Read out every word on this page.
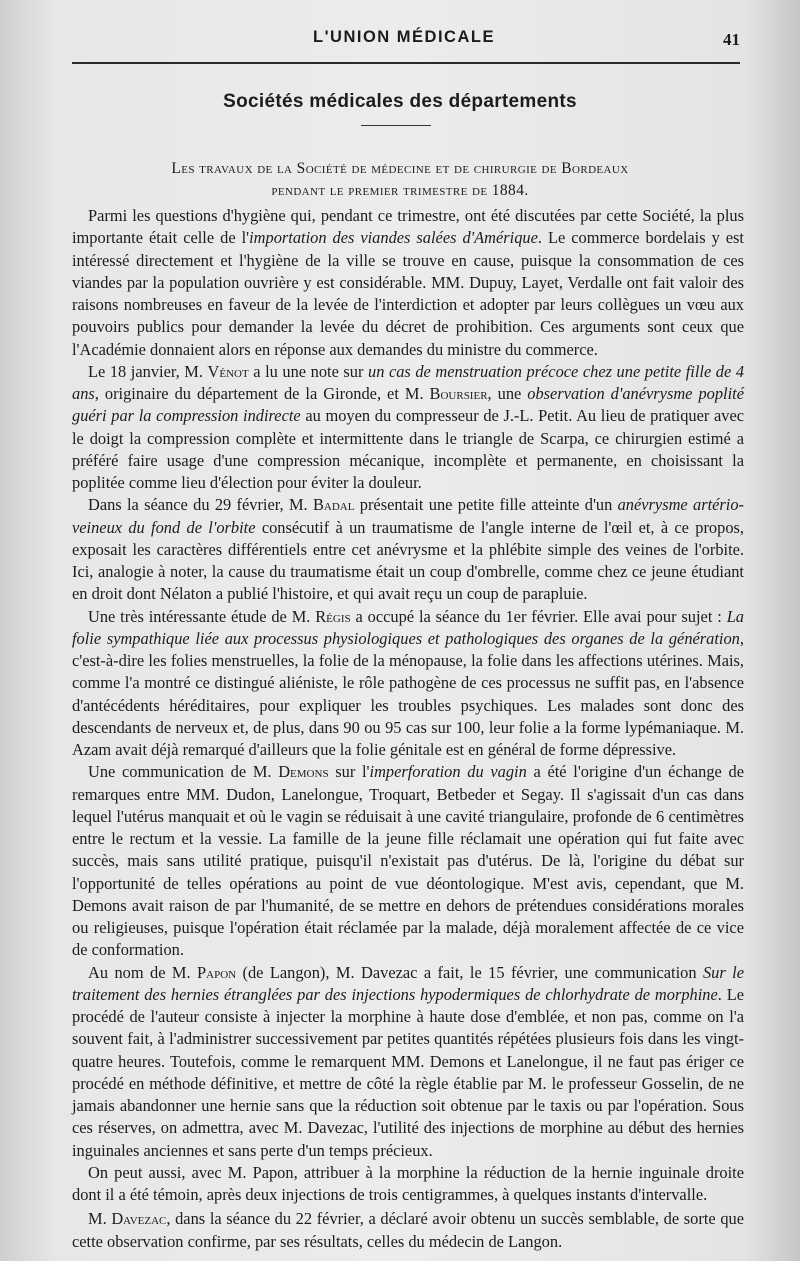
L'UNION MÉDICALE	41
Sociétés médicales des départements
Les travaux de la Société de médecine et de chirurgie de Bordeaux
pendant le premier trimestre de 1884.

Parmi les questions d'hygiène qui, pendant ce trimestre, ont été discutées par cette Société, la plus importante était celle de l'importation des viandes salées d'Amérique. Le commerce bordelais y est intéressé directement et l'hygiène de la ville se trouve en cause, puisque la consommation de ces viandes par la population ouvrière y est considérable. MM. Dupuy, Layet, Verdalle ont fait valoir des raisons nombreuses en faveur de la levée de l'interdiction et adopter par leurs collègues un vœu aux pouvoirs publics pour demander la levée du décret de prohibition. Ces arguments sont ceux que l'Académie donnaient alors en réponse aux demandes du ministre du commerce.

Le 18 janvier, M. Vénot a lu une note sur un cas de menstruation précoce chez une petite fille de 4 ans, originaire du département de la Gironde, et M. Boursier, une observation d'anévrysme poplité guéri par la compression indirecte au moyen du compresseur de J.-L. Petit. Au lieu de pratiquer avec le doigt la compression complète et intermittente dans le triangle de Scarpa, ce chirurgien estimé a préféré faire usage d'une compression mécanique, incomplète et permanente, en choisissant la poplitée comme lieu d'élection pour éviter la douleur.

Dans la séance du 29 février, M. Badal présentait une petite fille atteinte d'un anévrysme artério-veineux du fond de l'orbite consécutif à un traumatisme de l'angle interne de l'œil et, à ce propos, exposait les caractères différentiels entre cet anévrysme et la phlébite simple des veines de l'orbite. Ici, analogie à noter, la cause du traumatisme était un coup d'ombrelle, comme chez ce jeune étudiant en droit dont Nélaton a publié l'histoire, et qui avait reçu un coup de parapluie.

Une très intéressante étude de M. Régis a occupé la séance du 1er février. Elle avai pour sujet : La folie sympathique liée aux processus physiologiques et pathologiques des organes de la génération, c'est-à-dire les folies menstruelles, la folie de la ménopause, la folie dans les affections utérines. Mais, comme l'a montré ce distingué aliéniste, le rôle pathogène de ces processus ne suffit pas, en l'absence d'antécédents héréditaires, pour expliquer les troubles psychiques. Les malades sont donc des descendants de nerveux et, de plus, dans 90 ou 95 cas sur 100, leur folie a la forme lypémaniaque. M. Azam avait déjà remarqué d'ailleurs que la folie génitale est en général de forme dépressive.

Une communication de M. Demons sur l'imperforation du vagin a été l'origine d'un échange de remarques entre MM. Dudon, Lanelongue, Troquart, Betbeder et Segay. Il s'agissait d'un cas dans lequel l'utérus manquait et où le vagin se réduisait à une cavité triangulaire, profonde de 6 centimètres entre le rectum et la vessie. La famille de la jeune fille réclamait une opération qui fut faite avec succès, mais sans utilité pratique, puisqu'il n'existait pas d'utérus. De là, l'origine du débat sur l'opportunité de telles opérations au point de vue déontologique. M'est avis, cependant, que M. Demons avait raison de par l'humanité, de se mettre en dehors de prétendues considérations morales ou religieuses, puisque l'opération était réclamée par la malade, déjà moralement affectée de ce vice de conformation.

Au nom de M. Papon (de Langon), M. Davezac a fait, le 15 février, une communication Sur le traitement des hernies étranglées par des injections hypodermiques de chlorhydrate de morphine. Le procédé de l'auteur consiste à injecter la morphine à haute dose d'emblée, et non pas, comme on l'a souvent fait, à l'administrer successivement par petites quantités répétées plusieurs fois dans les vingt-quatre heures. Toutefois, comme le remarquent MM. Demons et Lanelongue, il ne faut pas ériger ce procédé en méthode définitive, et mettre de côté la règle établie par M. le professeur Gosselin, de ne jamais abandonner une hernie sans que la réduction soit obtenue par le taxis ou par l'opération. Sous ces réserves, on admettra, avec M. Davezac, l'utilité des injections de morphine au début des hernies inguinales anciennes et sans perte d'un temps précieux.

On peut aussi, avec M. Papon, attribuer à la morphine la réduction de la hernie inguinale droite dont il a été témoin, après deux injections de trois centigrammes, à quelques instants d'intervalle.

M. Davezac, dans la séance du 22 février, a déclaré avoir obtenu un succès semblable, de sorte que cette observation confirme, par ses résultats, celles du médecin de Langon.
